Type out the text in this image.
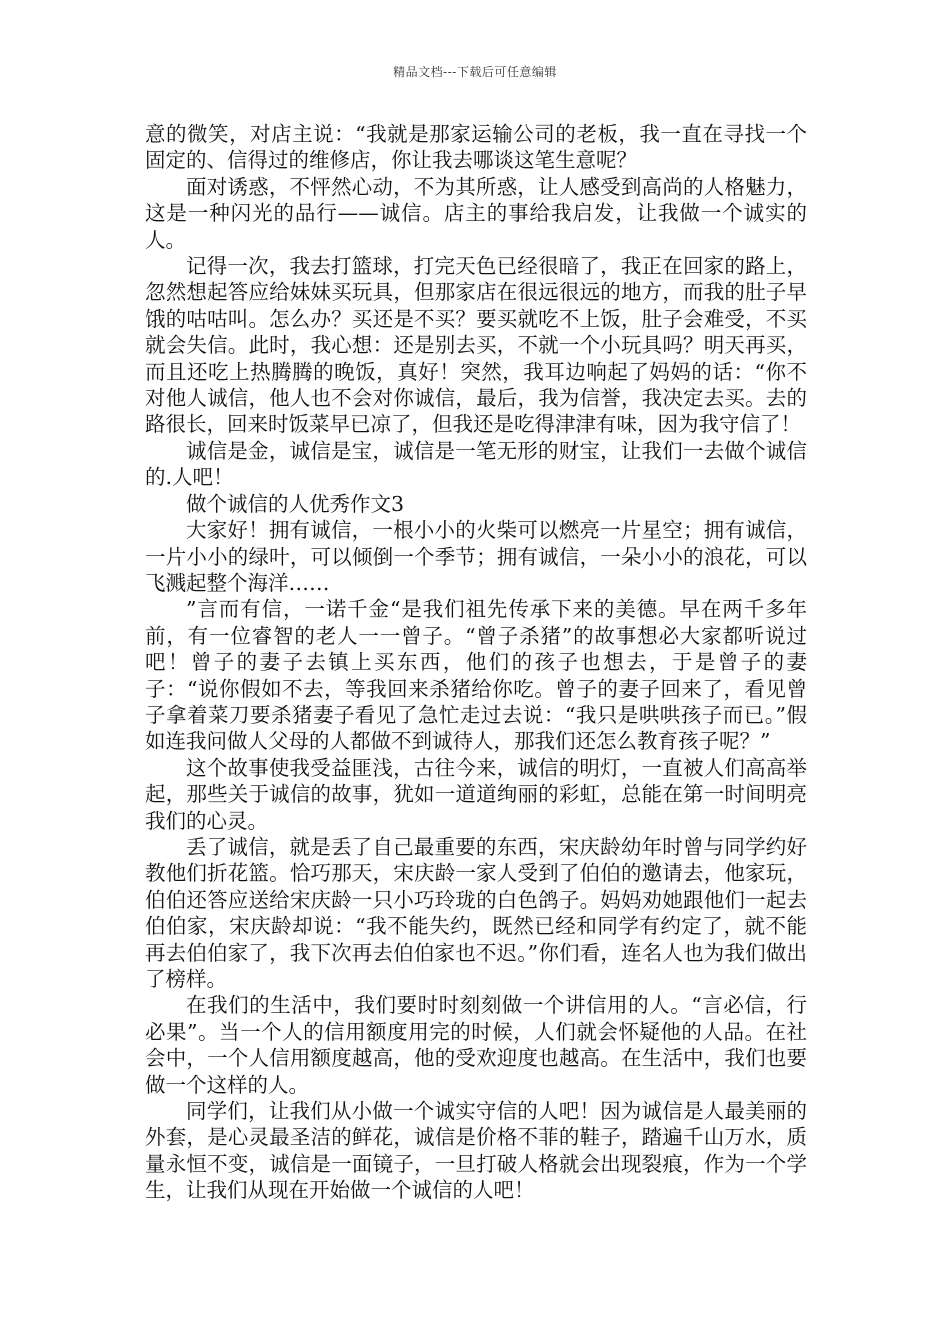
精品文档---下载后可任意编辑

意的微笑，对店主说：“我就是那家运输公司的老板，我一直在寻找一个固定的、信得过的维修店，你让我去哪谈这笔生意呢？

面对诱惑，不怦然心动，不为其所惑，让人感受到高尚的人格魅力，这是一种闪光的品行——诚信。店主的事给我启发，让我做一个诚实的人。

记得一次，我去打篮球，打完天色已经很暗了，我正在回家的路上，忽然想起答应给妹妹买玩具，但那家店在很远很远的地方，而我的肚子早饿的咕咕叫。怎么办？买还是不买？要买就吃不上饭，肚子会难受，不买就会失信。此时，我心想：还是别去买，不就一个小玩具吗？明天再买，而且还吃上热腾腾的晚饭，真好！突然，我耳边响起了妈妈的话：“你不对他人诚信，他人也不会对你诚信，最后，我为信誉，我决定去买。去的路很长，回来时饭菜早已凉了，但我还是吃得津津有味，因为我守信了！

诚信是金，诚信是宝，诚信是一笔无形的财宝，让我们一去做个诚信的.人吧！

做个诚信的人优秀作文3

大家好！拥有诚信，一根小小的火柴可以燃亮一片星空；拥有诚信，一片小小的绿叶，可以倾倒一个季节；拥有诚信，一朵小小的浪花，可以飞溅起整个海洋……

”言而有信，一诺千金“是我们祖先传承下来的美德。早在两千多年前，有一位睿智的老人一一曾子。“曾子杀猪”的故事想必大家都听说过吧！曾子的妻子去镇上买东西，他们的孩子也想去，于是曾子的妻子：“说你假如不去，等我回来杀猪给你吃。曾子的妻子回来了，看见曾子拿着菜刀要杀猪妻子看见了急忙走过去说：“我只是哄哄孩子而已。”假如连我问做人父母的人都做不到诚待人，那我们还怎么教育孩子呢？”

这个故事使我受益匪浅，古往今来，诚信的明灯，一直被人们高高举起，那些关于诚信的故事，犹如一道道绚丽的彩虹，总能在第一时间明亮我们的心灵。

丢了诚信，就是丢了自己最重要的东西，宋庆龄幼年时曾与同学约好教他们折花篮。恰巧那天，宋庆龄一家人受到了伯伯的邀请去，他家玩，伯伯还答应送给宋庆龄一只小巧玲珑的白色鸽子。妈妈劝她跟他们一起去伯伯家，宋庆龄却说：“我不能失约，既然已经和同学有约定了，就不能再去伯伯家了，我下次再去伯伯家也不迟。”你们看，连名人也为我们做出了榜样。

在我们的生活中，我们要时时刻刻做一个讲信用的人。“言必信，行必果”。当一个人的信用额度用完的时候，人们就会怀疑他的人品。在社会中，一个人信用额度越高，他的受欢迎度也越高。在生活中，我们也要做一个这样的人。

同学们，让我们从小做一个诚实守信的人吧！因为诚信是人最美丽的外套，是心灵最圣洁的鲜花，诚信是价格不菲的鞋子，踏遍千山万水，质量永恒不变，诚信是一面镜子，一旦打破人格就会出现裂痕，作为一个学生，让我们从现在开始做一个诚信的人吧！
